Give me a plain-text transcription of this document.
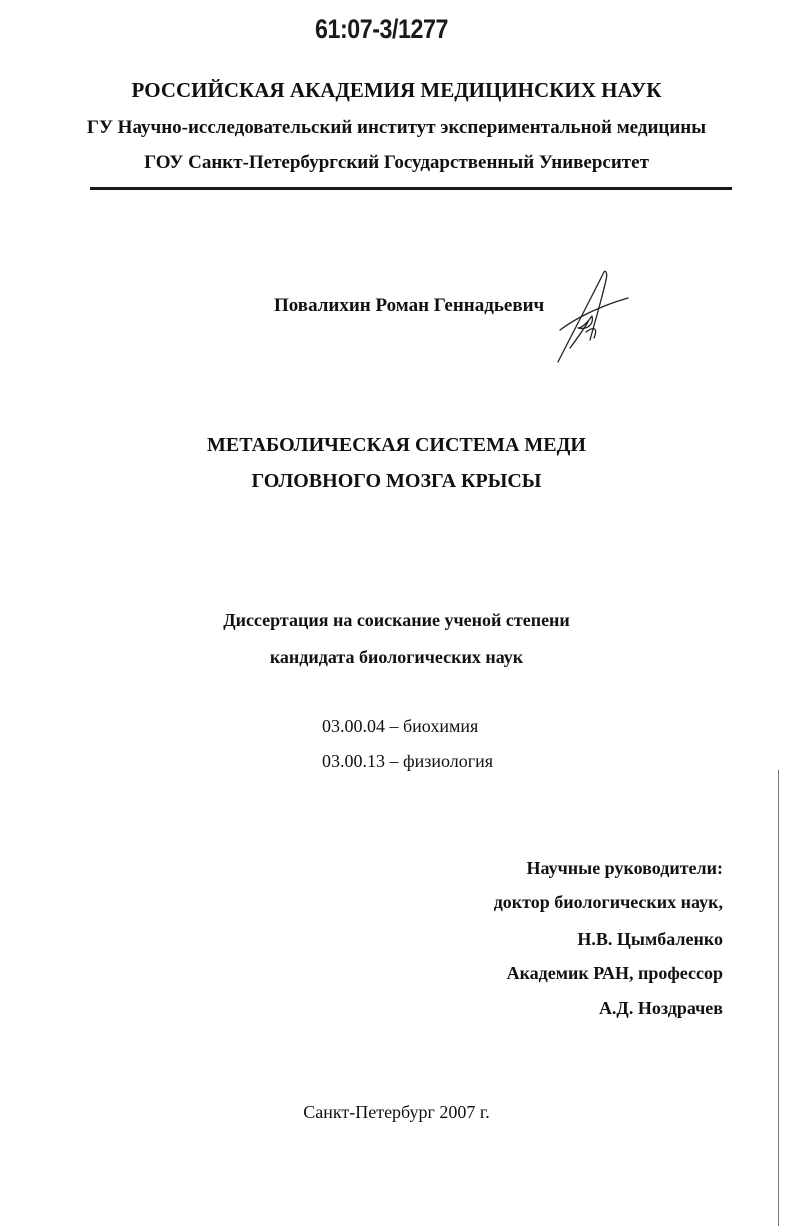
61:07-3/1277
РОССИЙСКАЯ АКАДЕМИЯ МЕДИЦИНСКИХ НАУК
ГУ Научно-исследовательский институт экспериментальной медицины
ГОУ Санкт-Петербургский Государственный Университет
Повалихин Роман Геннадьевич
МЕТАБОЛИЧЕСКАЯ СИСТЕМА МЕДИ
ГОЛОВНОГО МОЗГА КРЫСЫ
Диссертация на соискание ученой степени
кандидата биологических наук
03.00.04 – биохимия
03.00.13 – физиология
Научные руководители:
доктор биологических наук,
Н.В. Цымбаленко
Академик РАН, профессор
А.Д. Ноздрачев
Санкт-Петербург 2007 г.
